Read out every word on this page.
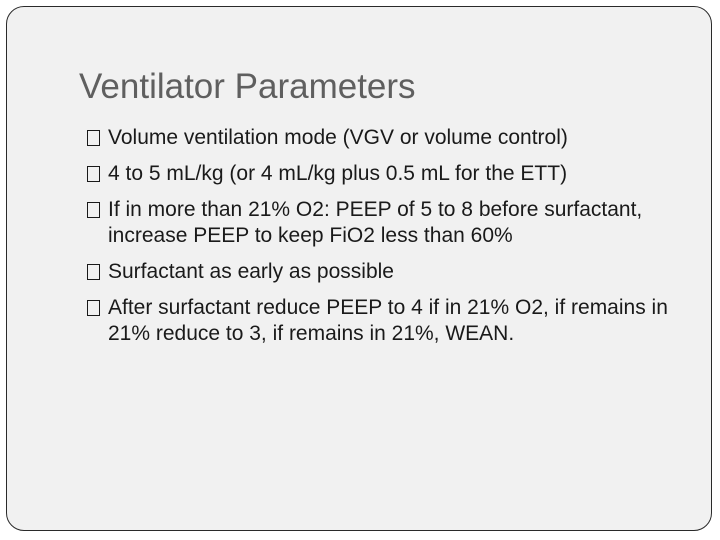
Ventilator Parameters
Volume ventilation mode (VGV or volume control)
4 to 5 mL/kg (or 4 mL/kg plus 0.5 mL for the ETT)
If in more than 21% O2: PEEP of 5 to 8 before surfactant, increase PEEP to keep FiO2 less than 60%
Surfactant as early as possible
After surfactant reduce PEEP to 4 if in 21% O2, if remains in 21% reduce to 3, if remains in 21%, WEAN.
